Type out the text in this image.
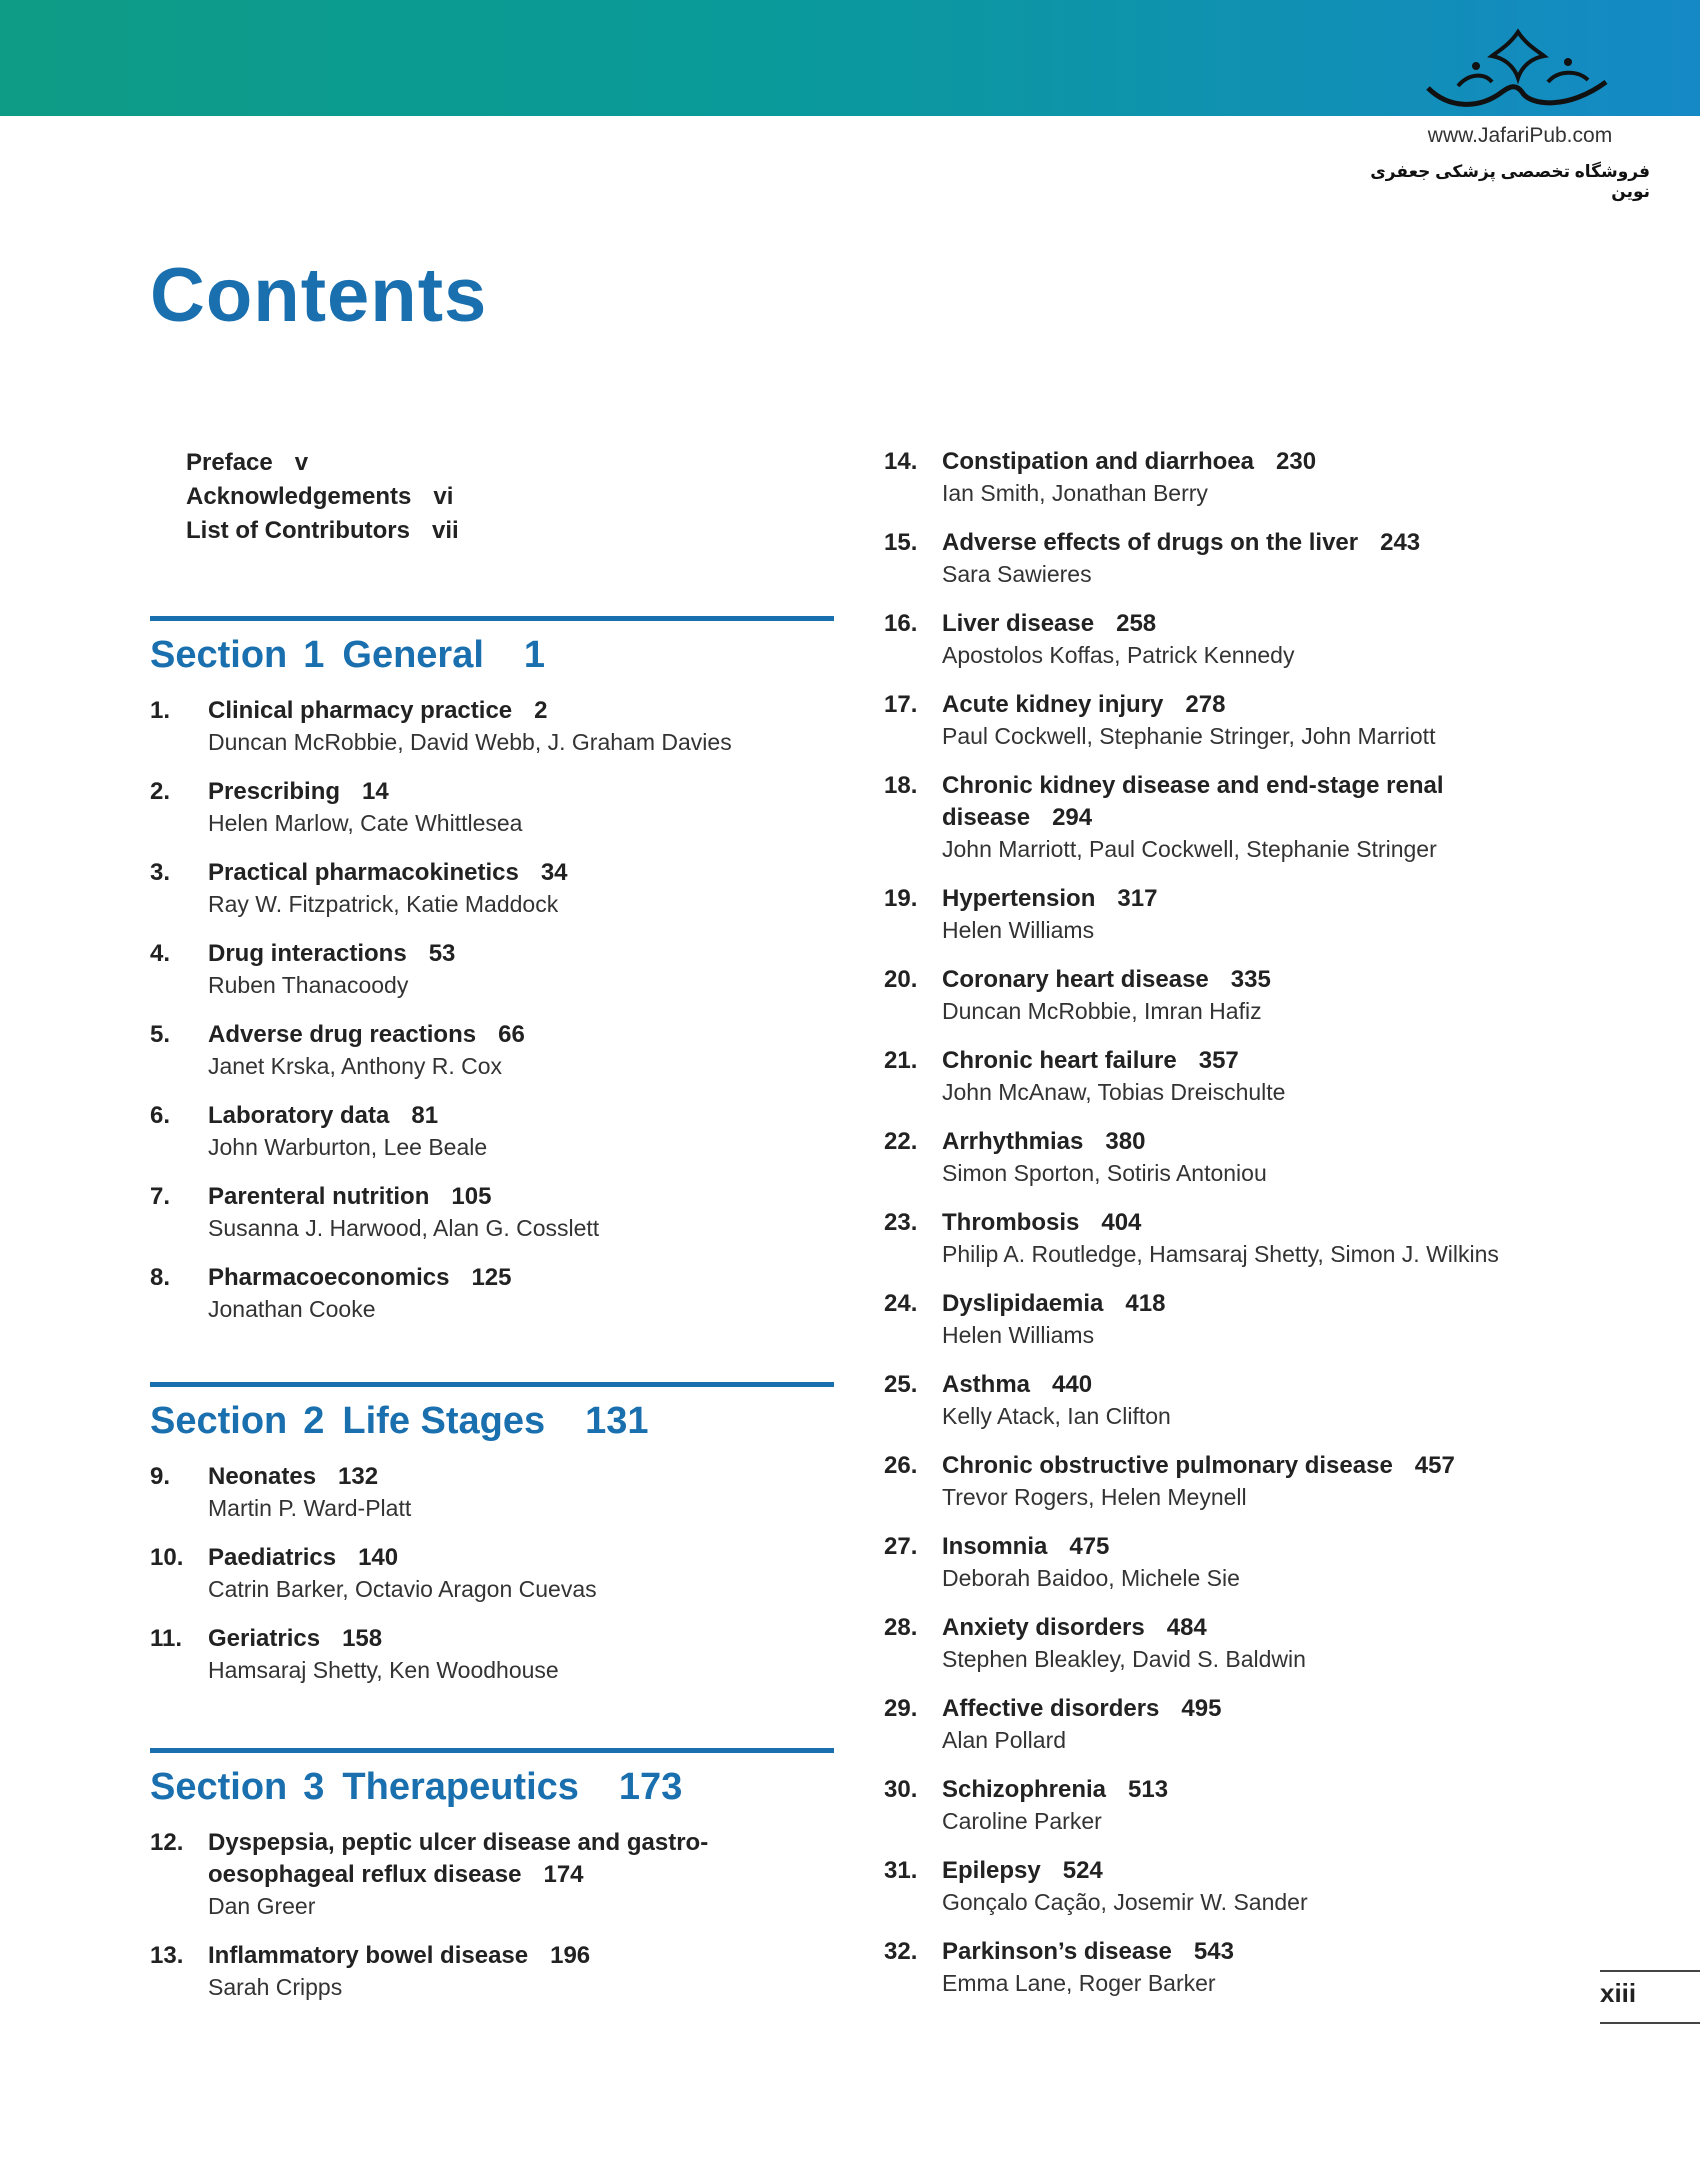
www.JafariPub.com
فروشگاه تخصصی پزشکی جعفری نوین
Contents
Preface v
Acknowledgements vi
List of Contributors vii
Section 1 General 1
1.	Clinical pharmacy practice 2
Duncan McRobbie, David Webb, J. Graham Davies
2.	Prescribing 14
Helen Marlow, Cate Whittlesea
3.	Practical pharmacokinetics 34
Ray W. Fitzpatrick, Katie Maddock
4.	Drug interactions 53
Ruben Thanacoody
5.	Adverse drug reactions 66
Janet Krska, Anthony R. Cox
6.	Laboratory data 81
John Warburton, Lee Beale
7.	Parenteral nutrition 105
Susanna J. Harwood, Alan G. Cosslett
8.	Pharmacoeconomics 125
Jonathan Cooke
Section 2 Life Stages 131
9.	Neonates 132
Martin P. Ward-Platt
10.	Paediatrics 140
Catrin Barker, Octavio Aragon Cuevas
11.	Geriatrics 158
Hamsaraj Shetty, Ken Woodhouse
Section 3 Therapeutics 173
12.	Dyspepsia, peptic ulcer disease and gastro-
oesophageal reflux disease 174
Dan Greer
13.	Inflammatory bowel disease 196
Sarah Cripps
14.	Constipation and diarrhoea 230
Ian Smith, Jonathan Berry
15.	Adverse effects of drugs on the liver 243
Sara Sawieres
16.	Liver disease 258
Apostolos Koffas, Patrick Kennedy
17.	Acute kidney injury 278
Paul Cockwell, Stephanie Stringer, John Marriott
18.	Chronic kidney disease and end-stage renal
disease 294
John Marriott, Paul Cockwell, Stephanie Stringer
19.	Hypertension 317
Helen Williams
20.	Coronary heart disease 335
Duncan McRobbie, Imran Hafiz
21.	Chronic heart failure 357
John McAnaw, Tobias Dreischulte
22.	Arrhythmias 380
Simon Sporton, Sotiris Antoniou
23.	Thrombosis 404
Philip A. Routledge, Hamsaraj Shetty, Simon J. Wilkins
24.	Dyslipidaemia 418
Helen Williams
25.	Asthma 440
Kelly Atack, Ian Clifton
26.	Chronic obstructive pulmonary disease 457
Trevor Rogers, Helen Meynell
27.	Insomnia 475
Deborah Baidoo, Michele Sie
28.	Anxiety disorders 484
Stephen Bleakley, David S. Baldwin
29.	Affective disorders 495
Alan Pollard
30.	Schizophrenia 513
Caroline Parker
31.	Epilepsy 524
Gonçalo Cação, Josemir W. Sander
32.	Parkinson’s disease 543
Emma Lane, Roger Barker	xiii
